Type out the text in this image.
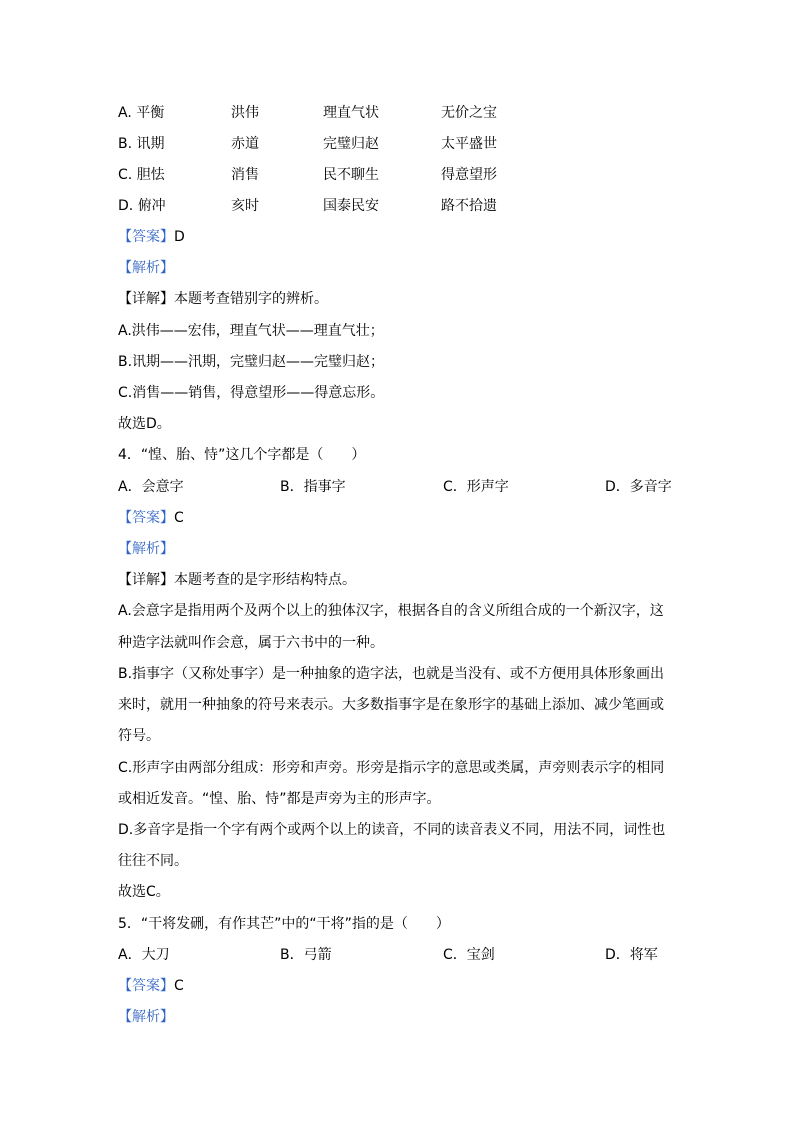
A. 平衡	洪伟	理直气状	无价之宝
B. 讯期	赤道	完璧归赵	太平盛世
C. 胆怯	消售	民不聊生	得意望形
D. 俯冲	亥时	国泰民安	路不拾遗
【答案】D
【解析】
【详解】本题考查错别字的辨析。
A.洪伟——宏伟，理直气状——理直气壮；
B.讯期——汛期，完璧归赵——完璧归赵；
C.消售——销售，得意望形——得意忘形。
故选D。
4．“惶、胎、恃”这几个字都是（　　）
A．会意字	B．指事字	C．形声字	D．多音字
【答案】C
【解析】
【详解】本题考查的是字形结构特点。
A.会意字是指用两个及两个以上的独体汉字，根据各自的含义所组合成的一个新汉字，这
种造字法就叫作会意，属于六书中的一种。
B.指事字（又称处事字）是一种抽象的造字法，也就是当没有、或不方便用具体形象画出
来时，就用一种抽象的符号来表示。大多数指事字是在象形字的基础上添加、减少笔画或
符号。
C.形声字由两部分组成：形旁和声旁。形旁是指示字的意思或类属，声旁则表示字的相同
或相近发音。“惶、胎、恃”都是声旁为主的形声字。
D.多音字是指一个字有两个或两个以上的读音，不同的读音表义不同，用法不同，词性也
往往不同。
故选C。
5．“干将发硎，有作其芒”中的“干将”指的是（　　）
A．大刀	B．弓箭	C．宝剑	D．将军
【答案】C
【解析】
